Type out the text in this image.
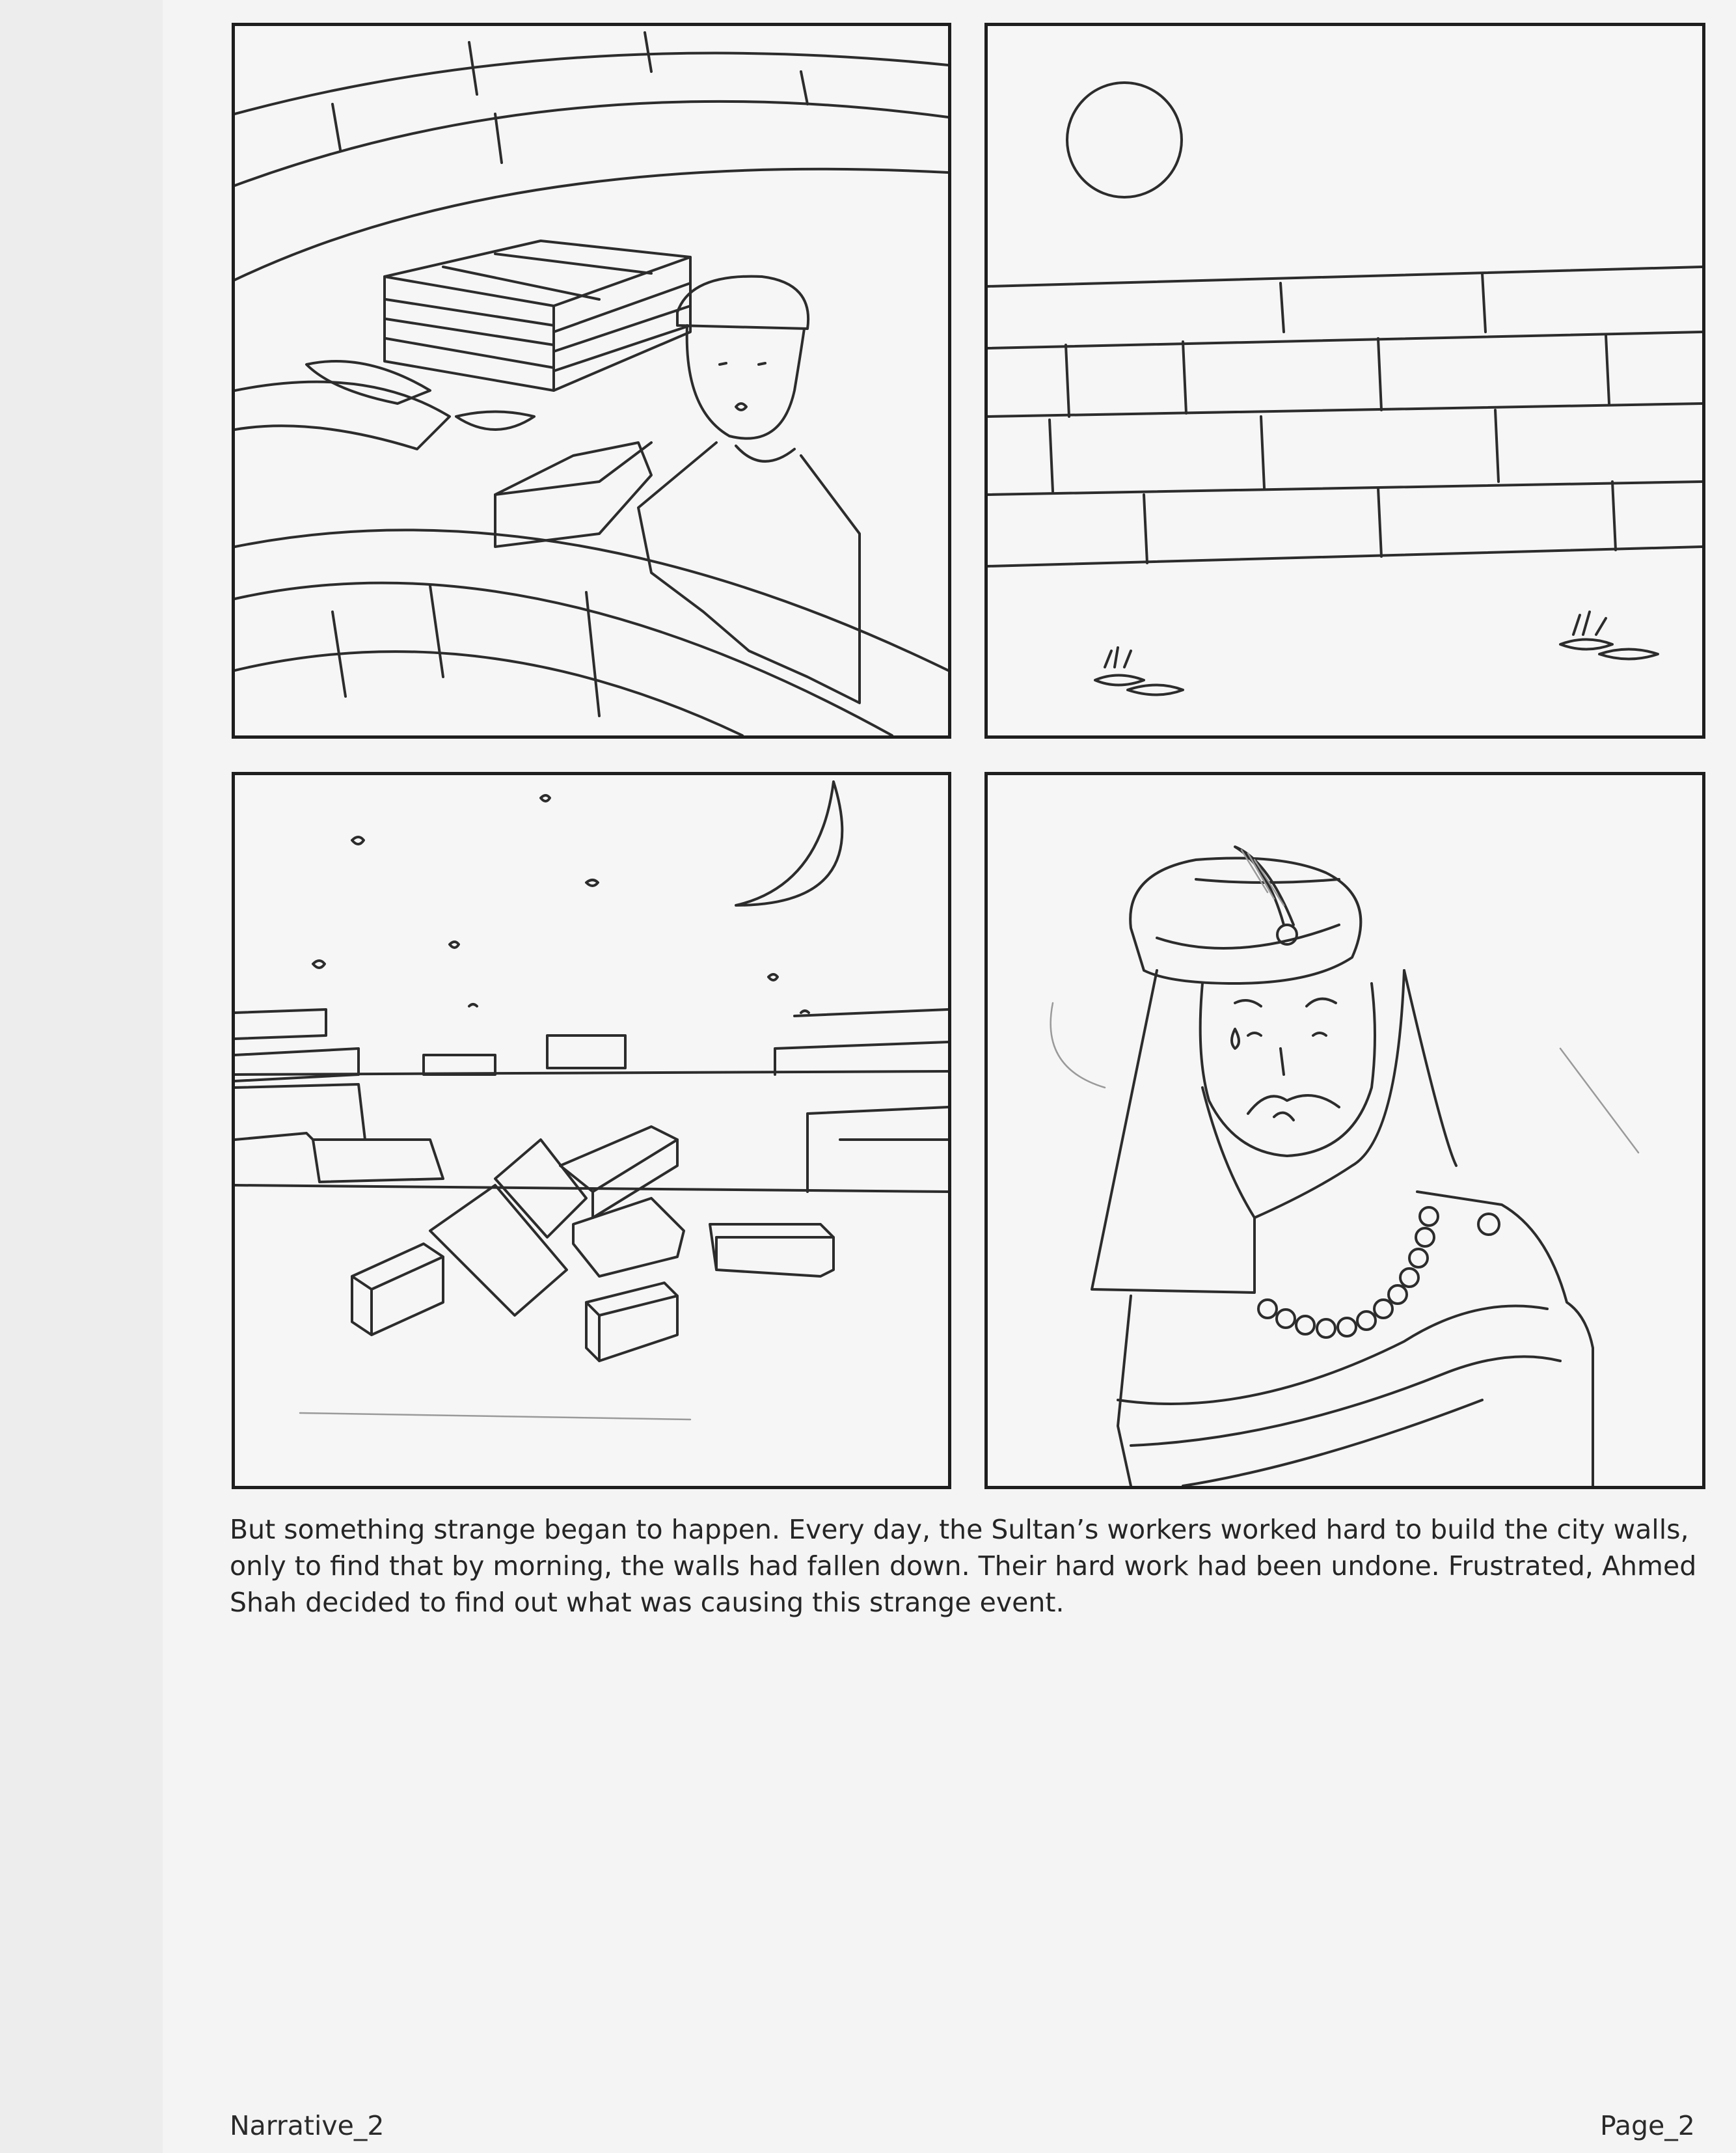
But something strange began to happen. Every day, the Sultan’s workers worked hard to build the city walls, only to find that by morning, the walls had fallen down. Their hard work had been undone. Frustrated, Ahmed Shah decided to find out what was causing this strange event.

Narrative_2	Page_2
